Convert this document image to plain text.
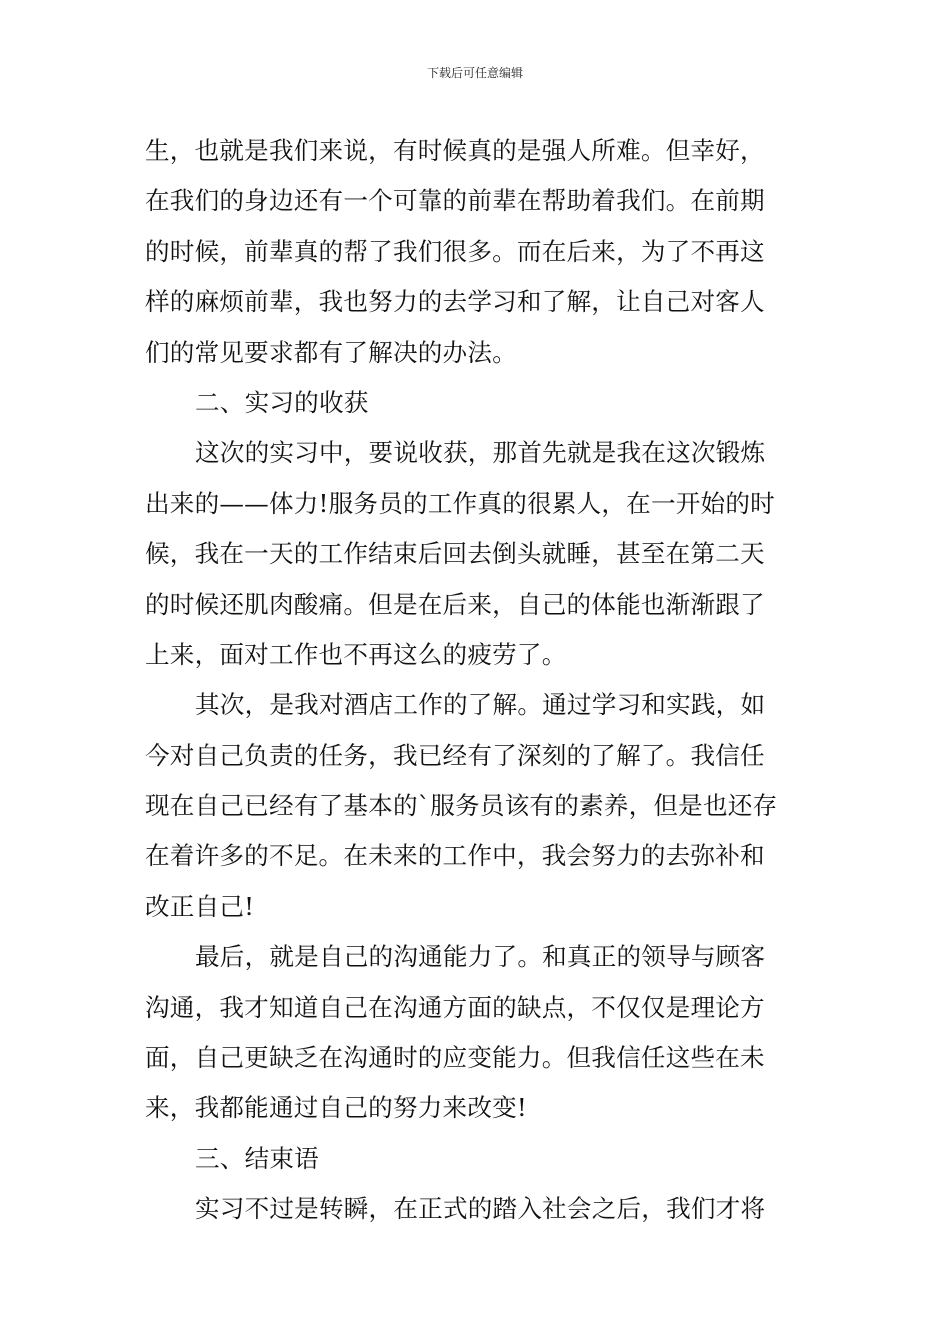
下载后可任意编辑

生，也就是我们来说，有时候真的是强人所难。但幸好，
在我们的身边还有一个可靠的前辈在帮助着我们。在前期
的时候，前辈真的帮了我们很多。而在后来，为了不再这
样的麻烦前辈，我也努力的去学习和了解，让自己对客人
们的常见要求都有了解决的办法。

二、实习的收获

这次的实习中，要说收获，那首先就是我在这次锻炼
出来的——体力!服务员的工作真的很累人，在一开始的时
候，我在一天的工作结束后回去倒头就睡，甚至在第二天
的时候还肌肉酸痛。但是在后来，自己的体能也渐渐跟了
上来，面对工作也不再这么的疲劳了。

其次，是我对酒店工作的了解。通过学习和实践，如
今对自己负责的任务，我已经有了深刻的了解了。我信任
现在自己已经有了基本的`服务员该有的素养，但是也还存
在着许多的不足。在未来的工作中，我会努力的去弥补和
改正自己!

最后，就是自己的沟通能力了。和真正的领导与顾客
沟通，我才知道自己在沟通方面的缺点，不仅仅是理论方
面，自己更缺乏在沟通时的应变能力。但我信任这些在未
来，我都能通过自己的努力来改变!

三、结束语

实习不过是转瞬，在正式的踏入社会之后，我们才将
